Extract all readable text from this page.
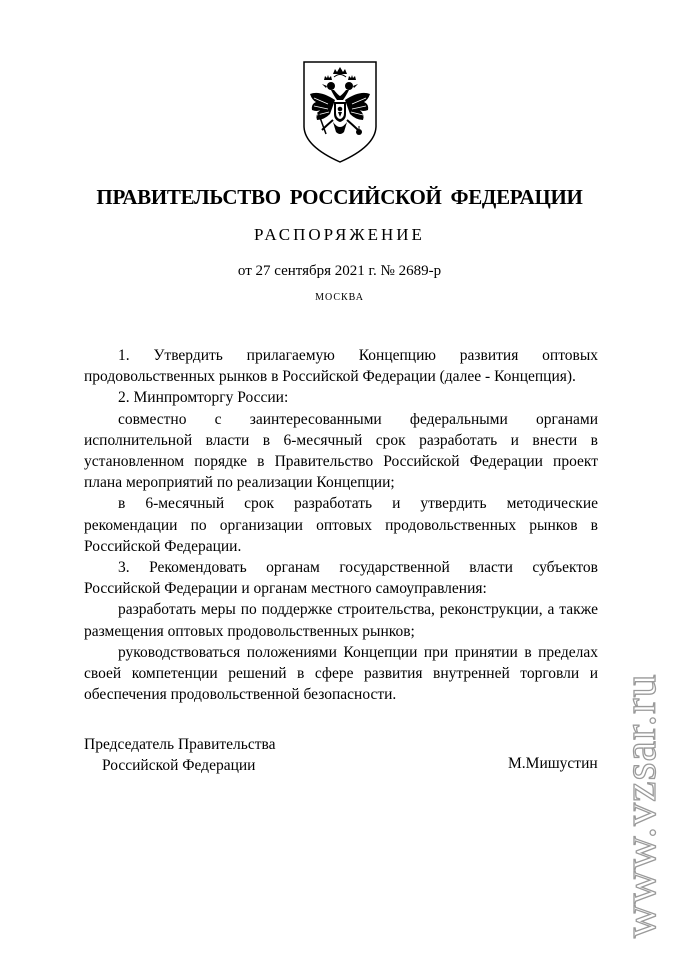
ПРАВИТЕЛЬСТВО РОССИЙСКОЙ ФЕДЕРАЦИИ
РАСПОРЯЖЕНИЕ
от 27 сентября 2021 г. № 2689-р
МОСКВА

1. Утвердить прилагаемую Концепцию развития оптовых продовольственных рынков в Российской Федерации (далее - Концепция).

2. Минпромторгу России:

совместно с заинтересованными федеральными органами исполнительной власти в 6-месячный срок разработать и внести в установленном порядке в Правительство Российской Федерации проект плана мероприятий по реализации Концепции;

в 6-месячный срок разработать и утвердить методические рекомендации по организации оптовых продовольственных рынков в Российской Федерации.

3. Рекомендовать органам государственной власти субъектов Российской Федерации и органам местного самоуправления:

разработать меры по поддержке строительства, реконструкции, а также размещения оптовых продовольственных рынков;

руководствоваться положениями Концепции при принятии в пределах своей компетенции решений в сфере развития внутренней торговли и обеспечения продовольственной безопасности.

Председатель Правительства
Российской Федерации	М.Мишустин www.vzsar.ru
